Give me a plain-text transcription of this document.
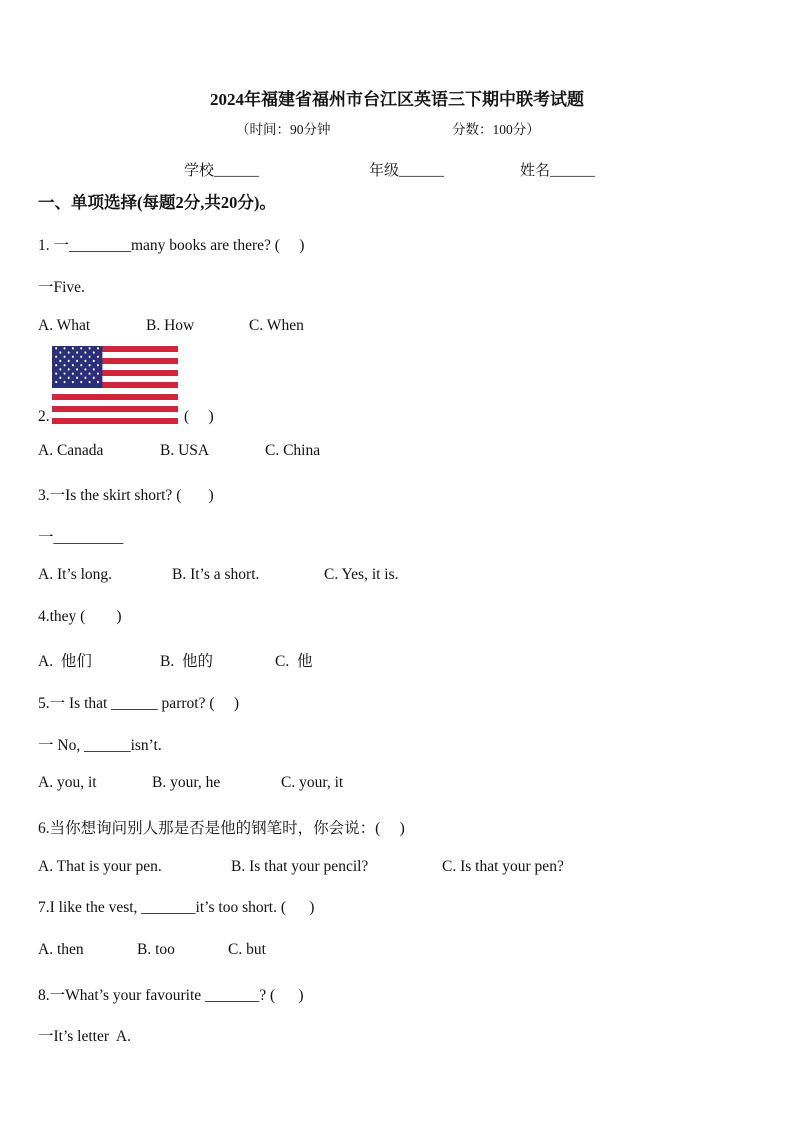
2024年福建省福州市台江区英语三下期中联考试题
（时间：90分钟	分数：100分）
学校______	年级______	姓名______
一、单项选择(每题2分,共20分)。
1. 一________many books are there? (     )
一Five.
A. What	B. How	C. When
2.	(     )
A. Canada	B. USA	C. China
3.一Is the skirt short? (       )
一_________
A. It’s long.	B. It’s a short.	C. Yes, it is.
4.they (        )
A.  他们	B.  他的	C.  他
5.一 Is that ______ parrot? (     )
一 No, ______isn’t.
A. you, it	B. your, he	C. your, it
6.当你想询问别人那是否是他的钢笔时，你会说：(     )
A. That is your pen.	B. Is that your pencil?	C. Is that your pen?
7.I like the vest, _______it’s too short. (      )
A. then	B. too	C. but
8.一What’s your favourite _______? (      )
一It’s letter  A.
